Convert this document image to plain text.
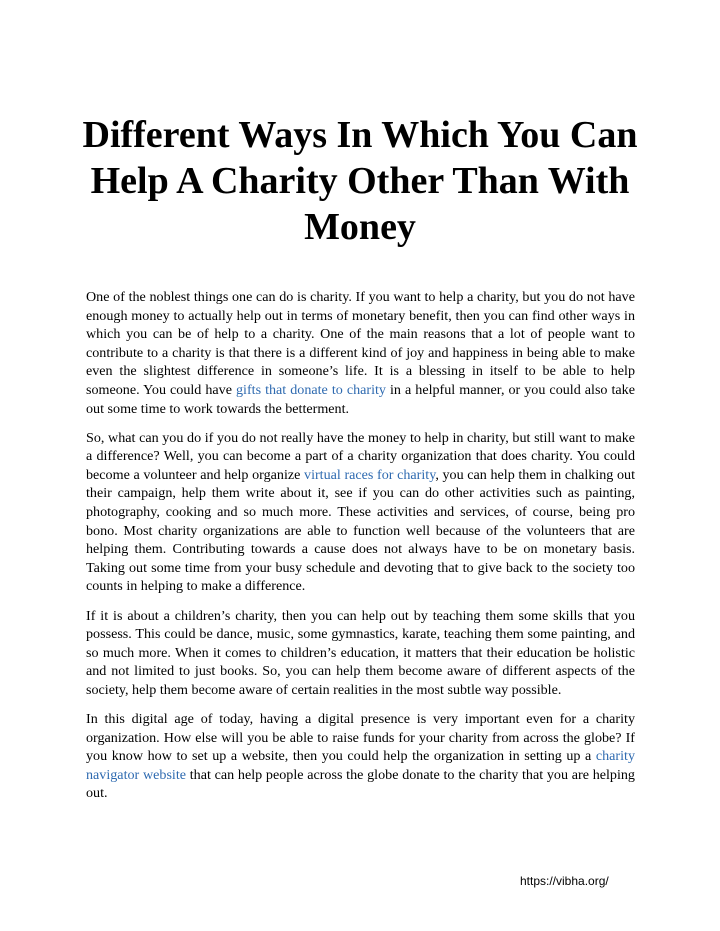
Different Ways In Which You Can Help A Charity Other Than With Money

One of the noblest things one can do is charity. If you want to help a charity, but you do not have enough money to actually help out in terms of monetary benefit, then you can find other ways in which you can be of help to a charity. One of the main reasons that a lot of people want to contribute to a charity is that there is a different kind of joy and happiness in being able to make even the slightest difference in someone’s life. It is a blessing in itself to be able to help someone. You could have gifts that donate to charity in a helpful manner, or you could also take out some time to work towards the betterment.

So, what can you do if you do not really have the money to help in charity, but still want to make a difference? Well, you can become a part of a charity organization that does charity. You could become a volunteer and help organize virtual races for charity, you can help them in chalking out their campaign, help them write about it, see if you can do other activities such as painting, photography, cooking and so much more. These activities and services, of course, being pro bono. Most charity organizations are able to function well because of the volunteers that are helping them. Contributing towards a cause does not always have to be on monetary basis. Taking out some time from your busy schedule and devoting that to give back to the society too counts in helping to make a difference.

If it is about a children’s charity, then you can help out by teaching them some skills that you possess. This could be dance, music, some gymnastics, karate, teaching them some painting, and so much more. When it comes to children’s education, it matters that their education be holistic and not limited to just books. So, you can help them become aware of different aspects of the society, help them become aware of certain realities in the most subtle way possible.

In this digital age of today, having a digital presence is very important even for a charity organization. How else will you be able to raise funds for your charity from across the globe? If you know how to set up a website, then you could help the organization in setting up a charity navigator website that can help people across the globe donate to the charity that you are helping out.

https://vibha.org/
